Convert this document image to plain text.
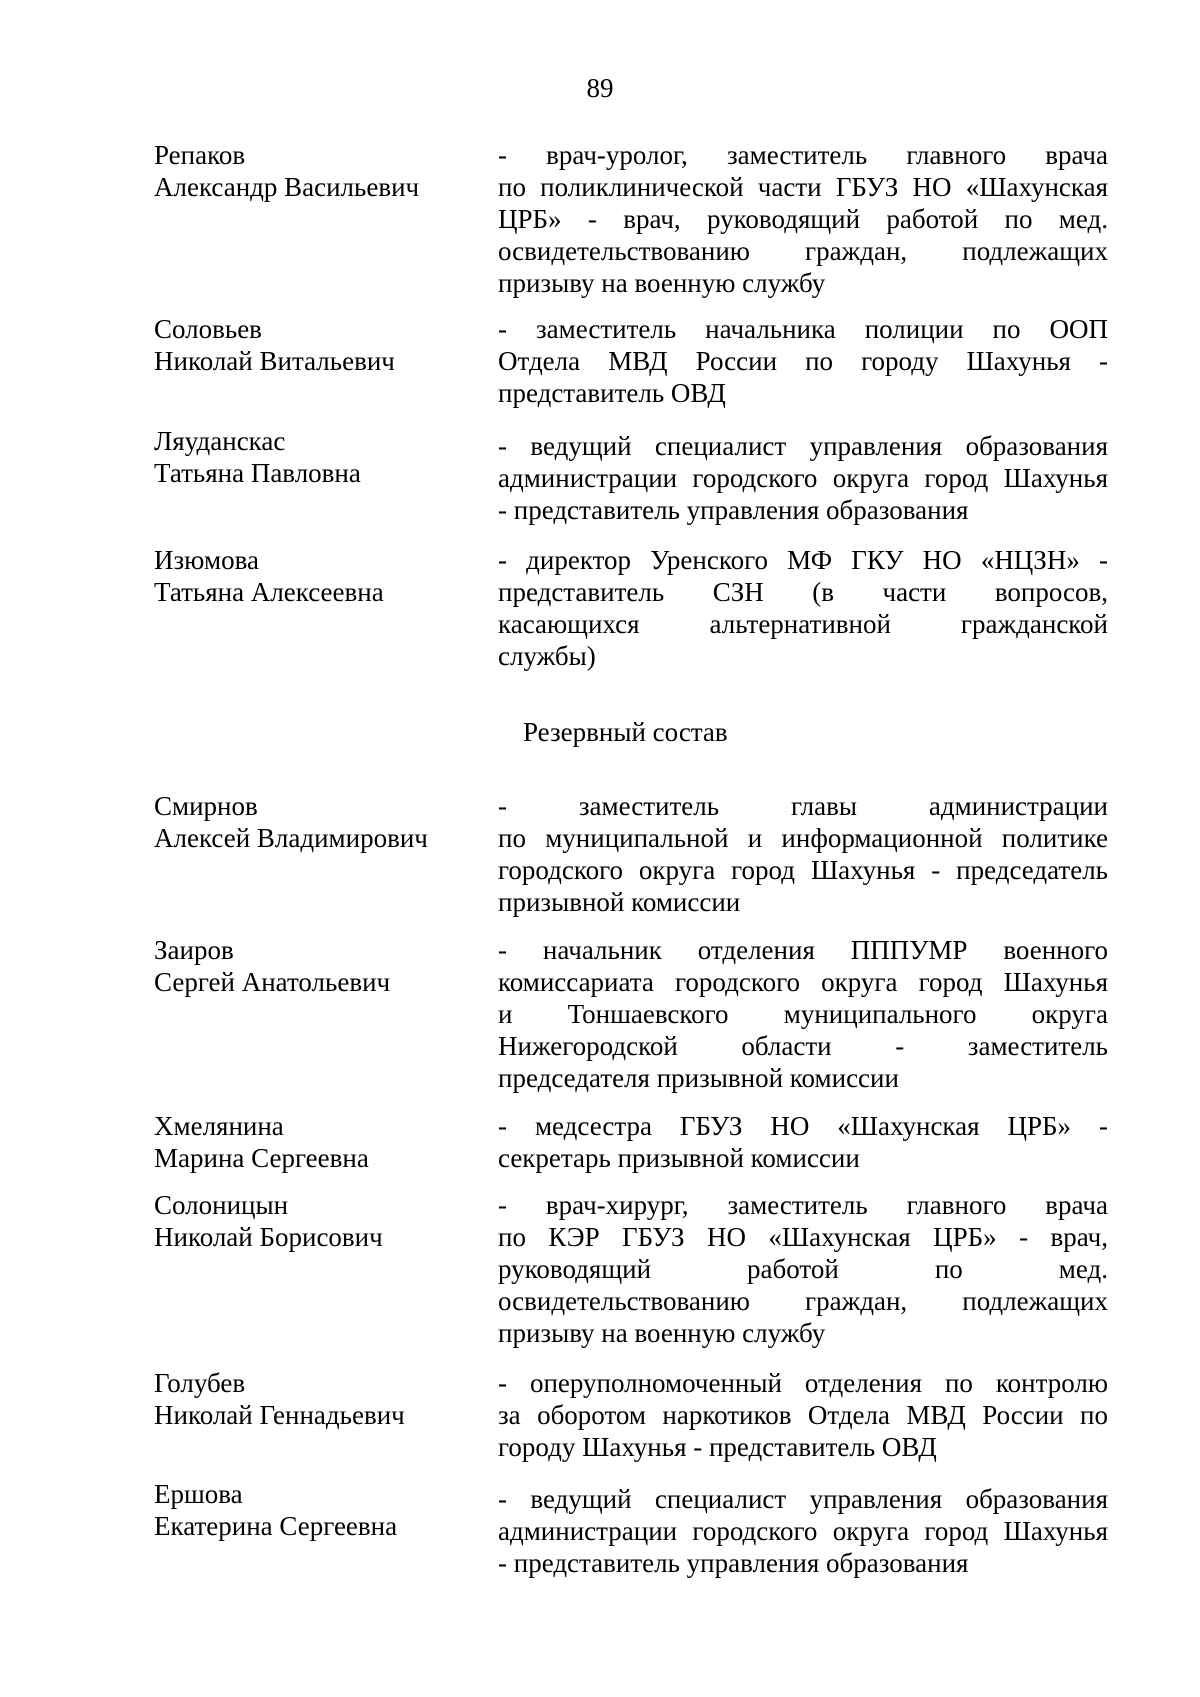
89
Репаков
Александр Васильевич
- врач-уролог, заместитель главного врача
по поликлинической части ГБУЗ НО «Шахунская
ЦРБ» - врач, руководящий работой по мед.
освидетельствованию граждан, подлежащих
призыву на военную службу
Соловьев
Николай Витальевич
- заместитель начальника полиции по ООП
Отдела МВД России по городу Шахунья -
представитель ОВД
Ляуданскас
Татьяна Павловна
- ведущий специалист управления образования
администрации городского округа город Шахунья
- представитель управления образования
Изюмова
Татьяна Алексеевна
- директор Уренского МФ ГКУ НО «НЦЗН» -
представитель СЗН (в части вопросов,
касающихся альтернативной гражданской
службы)
Резервный состав
Смирнов
Алексей Владимирович
- заместитель главы администрации
по муниципальной и информационной политике
городского округа город Шахунья - председатель
призывной комиссии
Заиров
Сергей Анатольевич
- начальник отделения ПППУМР военного
комиссариата городского округа город Шахунья
и Тоншаевского муниципального округа
Нижегородской области - заместитель
председателя призывной комиссии
Хмелянина
Марина Сергеевна
- медсестра ГБУЗ НО «Шахунская ЦРБ» -
секретарь призывной комиссии
Солоницын
Николай Борисович
- врач-хирург, заместитель главного врача
по КЭР ГБУЗ НО «Шахунская ЦРБ» - врач,
руководящий работой по мед.
освидетельствованию граждан, подлежащих
призыву на военную службу
Голубев
Николай Геннадьевич
- оперуполномоченный отделения по контролю
за оборотом наркотиков Отдела МВД России по
городу Шахунья - представитель ОВД
Ершова
Екатерина Сергеевна
- ведущий специалист управления образования
администрации городского округа город Шахунья
- представитель управления образования
